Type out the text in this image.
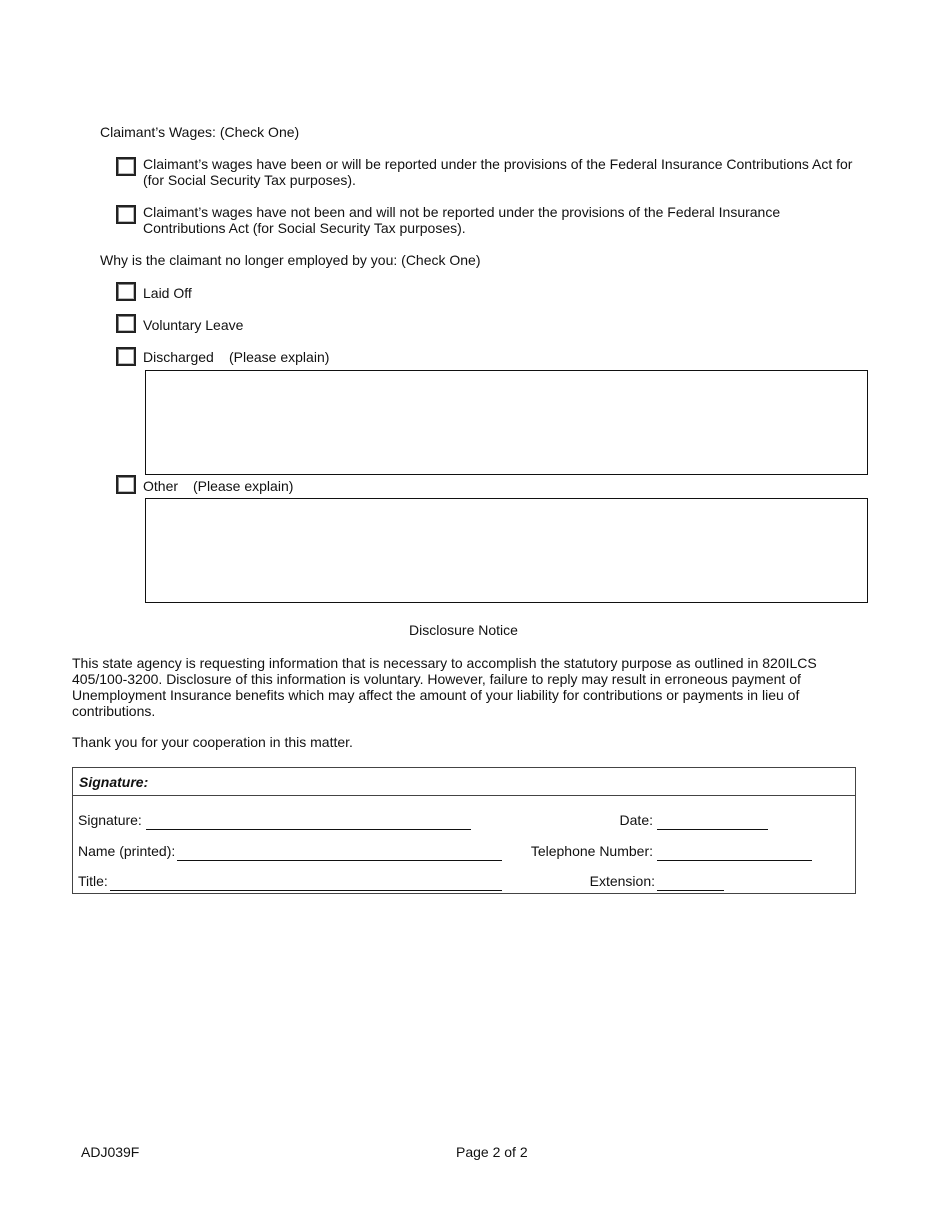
Claimant’s Wages: (Check One)
Claimant’s wages have been or will be reported under the provisions of the Federal Insurance Contributions Act for
(for Social Security Tax purposes).
Claimant’s wages have not been and will not be reported under the provisions of the Federal Insurance
Contributions Act (for Social Security Tax purposes).
Why is the claimant no longer employed by you: (Check One)
Laid Off
Voluntary Leave
Discharged (Please explain)
Other (Please explain)
Disclosure Notice
This state agency is requesting information that is necessary to accomplish the statutory purpose as outlined in 820ILCS 405/100-3200. Disclosure of this information is voluntary. However, failure to reply may result in erroneous payment of Unemployment Insurance benefits which may affect the amount of your liability for contributions or payments in lieu of contributions.
Thank you for your cooperation in this matter.
Signature:
Signature:	Date:
Name (printed):	Telephone Number:
Title:	Extension:
ADJ039F	Page 2 of 2
